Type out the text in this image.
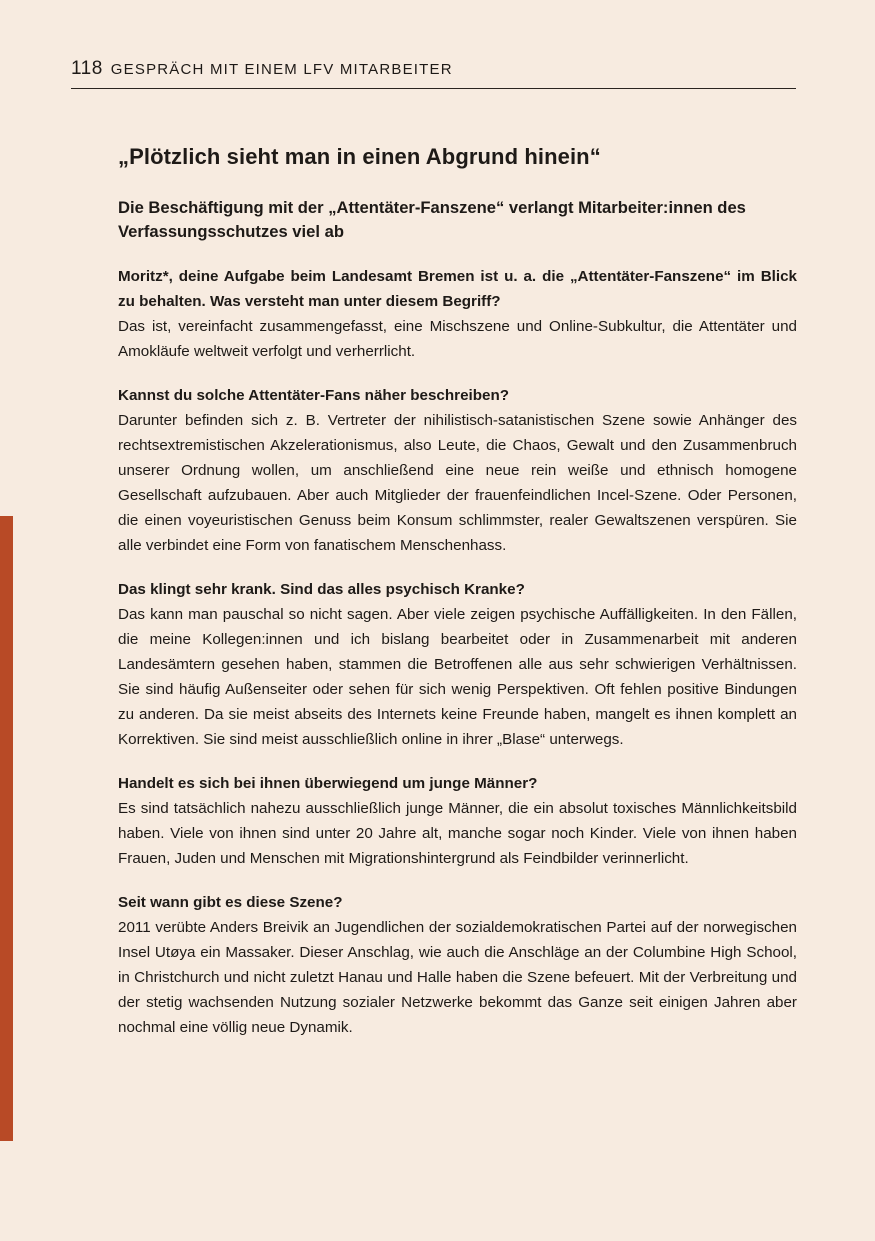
118 GESPRÄCH MIT EINEM LFV MITARBEITER
„Plötzlich sieht man in einen Abgrund hinein“
Die Beschäftigung mit der „Attentäter-Fanszene“ verlangt Mitarbeiter:innen des Verfassungsschutzes viel ab

Moritz*, deine Aufgabe beim Landesamt Bremen ist u. a. die „Attentäter-Fanszene“ im Blick zu behalten. Was versteht man unter diesem Begriff?

Das ist, vereinfacht zusammengefasst, eine Mischszene und Online-Subkultur, die Attentäter und Amokläufe weltweit verfolgt und verherrlicht.

Kannst du solche Attentäter-Fans näher beschreiben?

Darunter befinden sich z. B. Vertreter der nihilistisch-satanistischen Szene sowie Anhänger des rechtsextremistischen Akzelerationismus, also Leute, die Chaos, Gewalt und den Zusammenbruch unserer Ordnung wollen, um anschließend eine neue rein weiße und ethnisch homogene Gesellschaft aufzubauen. Aber auch Mitglieder der frauenfeindlichen Incel-Szene. Oder Personen, die einen voyeuristischen Genuss beim Konsum schlimmster, realer Gewaltszenen verspüren. Sie alle verbindet eine Form von fanatischem Menschenhass.

Das klingt sehr krank. Sind das alles psychisch Kranke?

Das kann man pauschal so nicht sagen. Aber viele zeigen psychische Auffälligkeiten. In den Fällen, die meine Kollegen:innen und ich bislang bearbeitet oder in Zusammenarbeit mit anderen Landesämtern gesehen haben, stammen die Betroffenen alle aus sehr schwierigen Verhältnissen. Sie sind häufig Außenseiter oder sehen für sich wenig Perspektiven. Oft fehlen positive Bindungen zu anderen. Da sie meist abseits des Internets keine Freunde haben, mangelt es ihnen komplett an Korrektiven. Sie sind meist ausschließlich online in ihrer „Blase“ unterwegs.

Handelt es sich bei ihnen überwiegend um junge Männer?

Es sind tatsächlich nahezu ausschließlich junge Männer, die ein absolut toxisches Männlichkeitsbild haben. Viele von ihnen sind unter 20 Jahre alt, manche sogar noch Kinder. Viele von ihnen haben Frauen, Juden und Menschen mit Migrationshintergrund als Feindbilder verinnerlicht.

Seit wann gibt es diese Szene?

2011 verübte Anders Breivik an Jugendlichen der sozialdemokratischen Partei auf der norwegischen Insel Utøya ein Massaker. Dieser Anschlag, wie auch die Anschläge an der Columbine High School, in Christchurch und nicht zuletzt Hanau und Halle haben die Szene befeuert. Mit der Verbreitung und der stetig wachsenden Nutzung sozialer Netzwerke bekommt das Ganze seit einigen Jahren aber nochmal eine völlig neue Dynamik.
